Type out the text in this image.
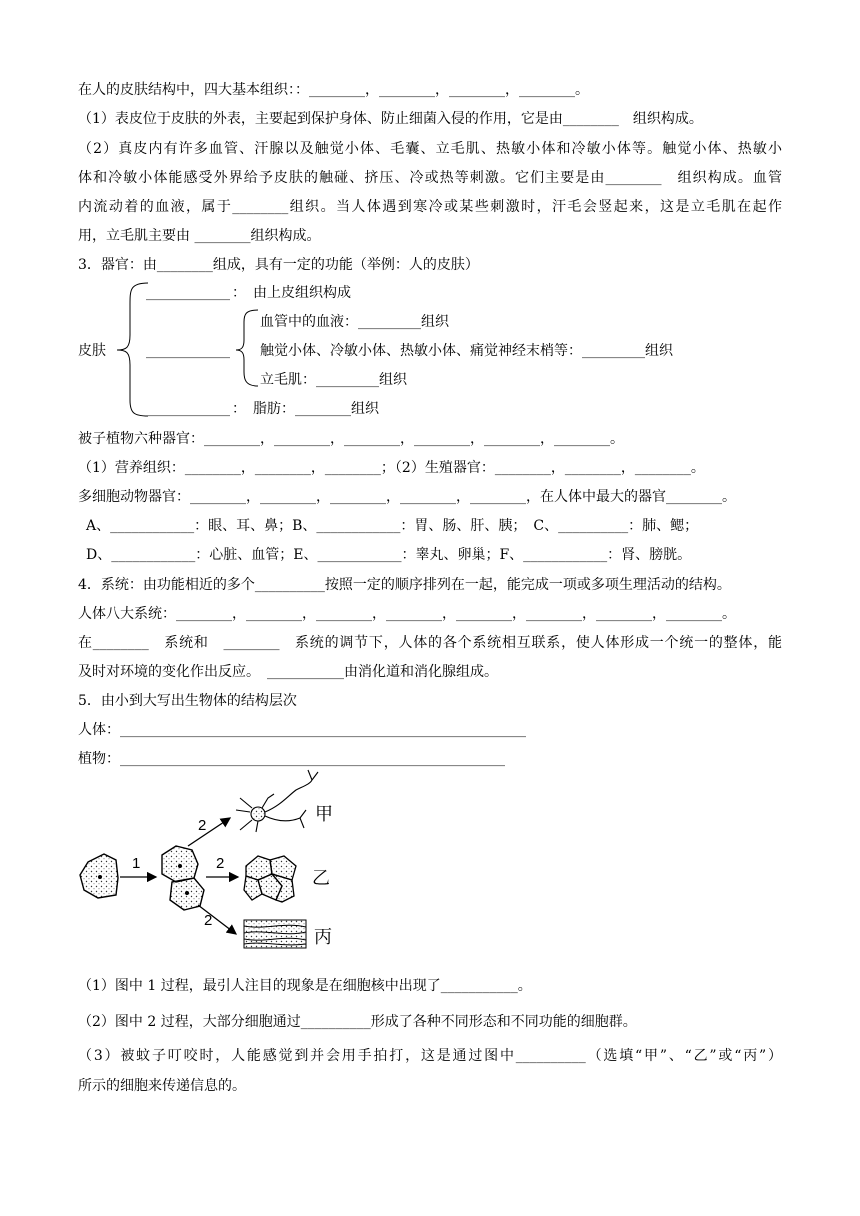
在人的皮肤结构中，四大基本组织：：________，________，________，________。
（1）表皮位于皮肤的外表，主要起到保护身体、防止细菌入侵的作用，它是由________　组织构成。
（2）真皮内有许多血管、汗腺以及触觉小体、毛囊、立毛肌、热敏小体和冷敏小体等。触觉小体、热敏小
体和冷敏小体能感受外界给予皮肤的触碰、挤压、冷或热等刺激。它们主要是由________　组织构成。血管
内流动着的血液，属于________组织。当人体遇到寒冷或某些刺激时，汗毛会竖起来，这是立毛肌在起作
用，立毛肌主要由 ________组织构成。
3．器官：由________组成，具有一定的功能（举例：人的皮肤）
皮肤
____________ ：　由上皮组织构成
____________
血管中的血液：_________组织
触觉小体、冷敏小体、热敏小体、痛觉神经末梢等：_________组织
立毛肌：_________组织
____________ ：　脂肪：________组织
被子植物六种器官：________，________，________，________，________，________。
（1）营养组织：________，________，________；（2）生殖器官：________，________，________。
多细胞动物器官：________，________，________，________，________，在人体中最大的器官________。
A、____________：眼、耳、鼻；B、____________：胃、肠、肝、胰；　C、__________：肺、鳃；
D、____________：心脏、血管；E、____________：睾丸、卵巢；F、____________：肾、膀胱。
4．系统：由功能相近的多个__________按照一定的顺序排列在一起，能完成一项或多项生理活动的结构。
人体八大系统：________，________，________，________，________，________，________，________。
在________　系统和　________　系统的调节下，人体的各个系统相互联系，使人体形成一个统一的整体，能
及时对环境的变化作出反应。　___________由消化道和消化腺组成。
5．由小到大写出生物体的结构层次
人体：__________________________________________________________
植物：_______________________________________________________
1
2
2
2
甲
乙
丙
（1）图中 1 过程，最引人注目的现象是在细胞核中出现了___________。
（2）图中 2 过程，大部分细胞通过__________形成了各种不同形态和不同功能的细胞群。
（3）被蚊子叮咬时，人能感觉到并会用手拍打，这是通过图中__________（选填“甲”、“乙”或“丙”）
所示的细胞来传递信息的。
